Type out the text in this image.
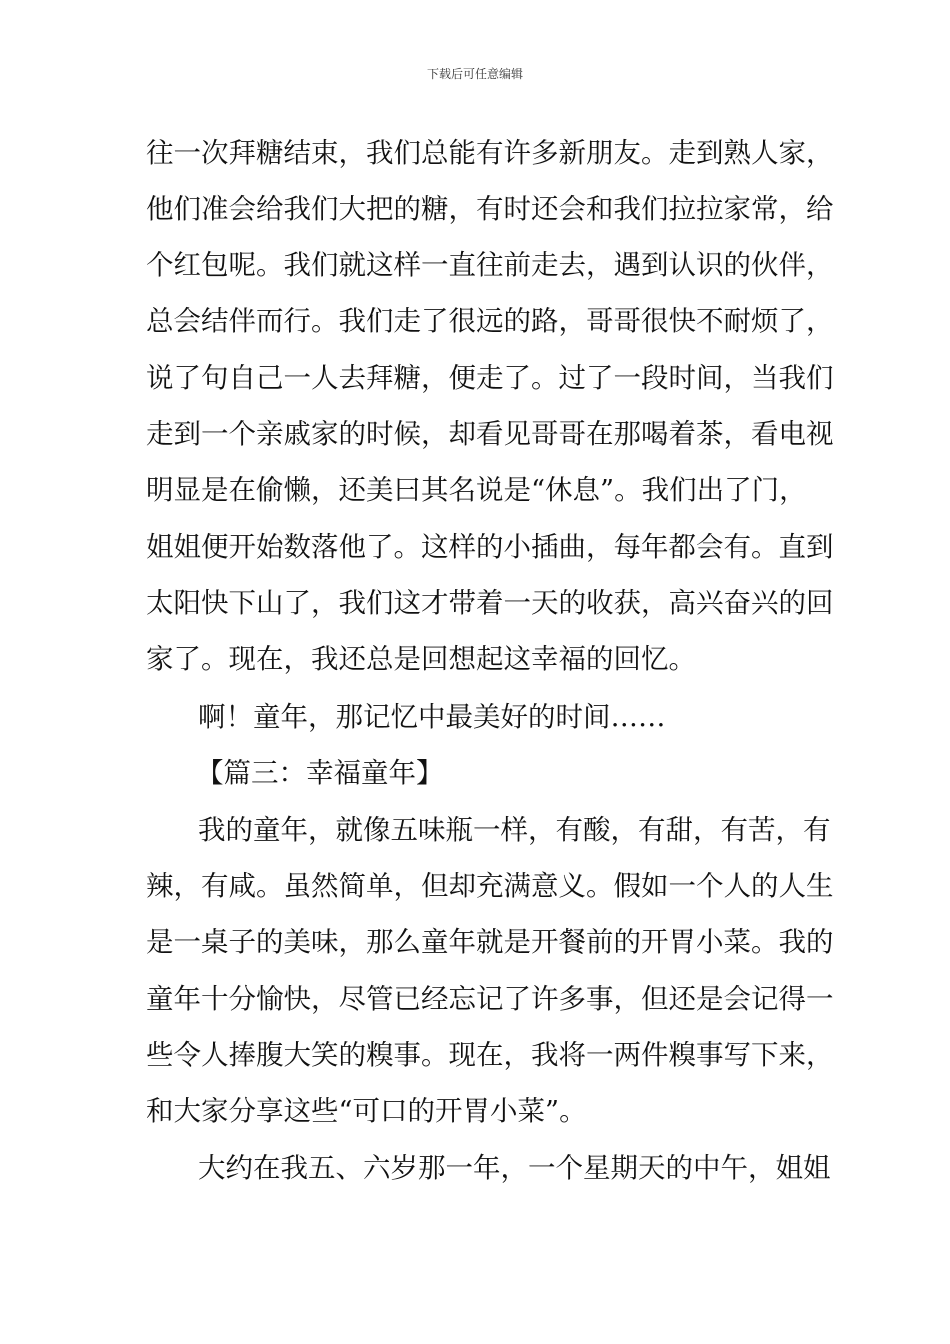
下载后可任意编辑
往一次拜糖结束，我们总能有许多新朋友。走到熟人家，
他们准会给我们大把的糖，有时还会和我们拉拉家常，给
个红包呢。我们就这样一直往前走去，遇到认识的伙伴，
总会结伴而行。我们走了很远的路，哥哥很快不耐烦了，
说了句自己一人去拜糖，便走了。过了一段时间，当我们
走到一个亲戚家的时候，却看见哥哥在那喝着茶，看电视
明显是在偷懒，还美曰其名说是“休息”。我们出了门，
姐姐便开始数落他了。这样的小插曲，每年都会有。直到
太阳快下山了，我们这才带着一天的收获，高兴奋兴的回
家了。现在，我还总是回想起这幸福的回忆。
啊！童年，那记忆中最美好的时间……
【篇三：幸福童年】
我的童年，就像五味瓶一样，有酸，有甜，有苦，有
辣，有咸。虽然简单，但却充满意义。假如一个人的人生
是一桌子的美味，那么童年就是开餐前的开胃小菜。我的
童年十分愉快，尽管已经忘记了许多事，但还是会记得一
些令人捧腹大笑的糗事。现在，我将一两件糗事写下来，
和大家分享这些“可口的开胃小菜”。
大约在我五、六岁那一年，一个星期天的中午，姐姐
